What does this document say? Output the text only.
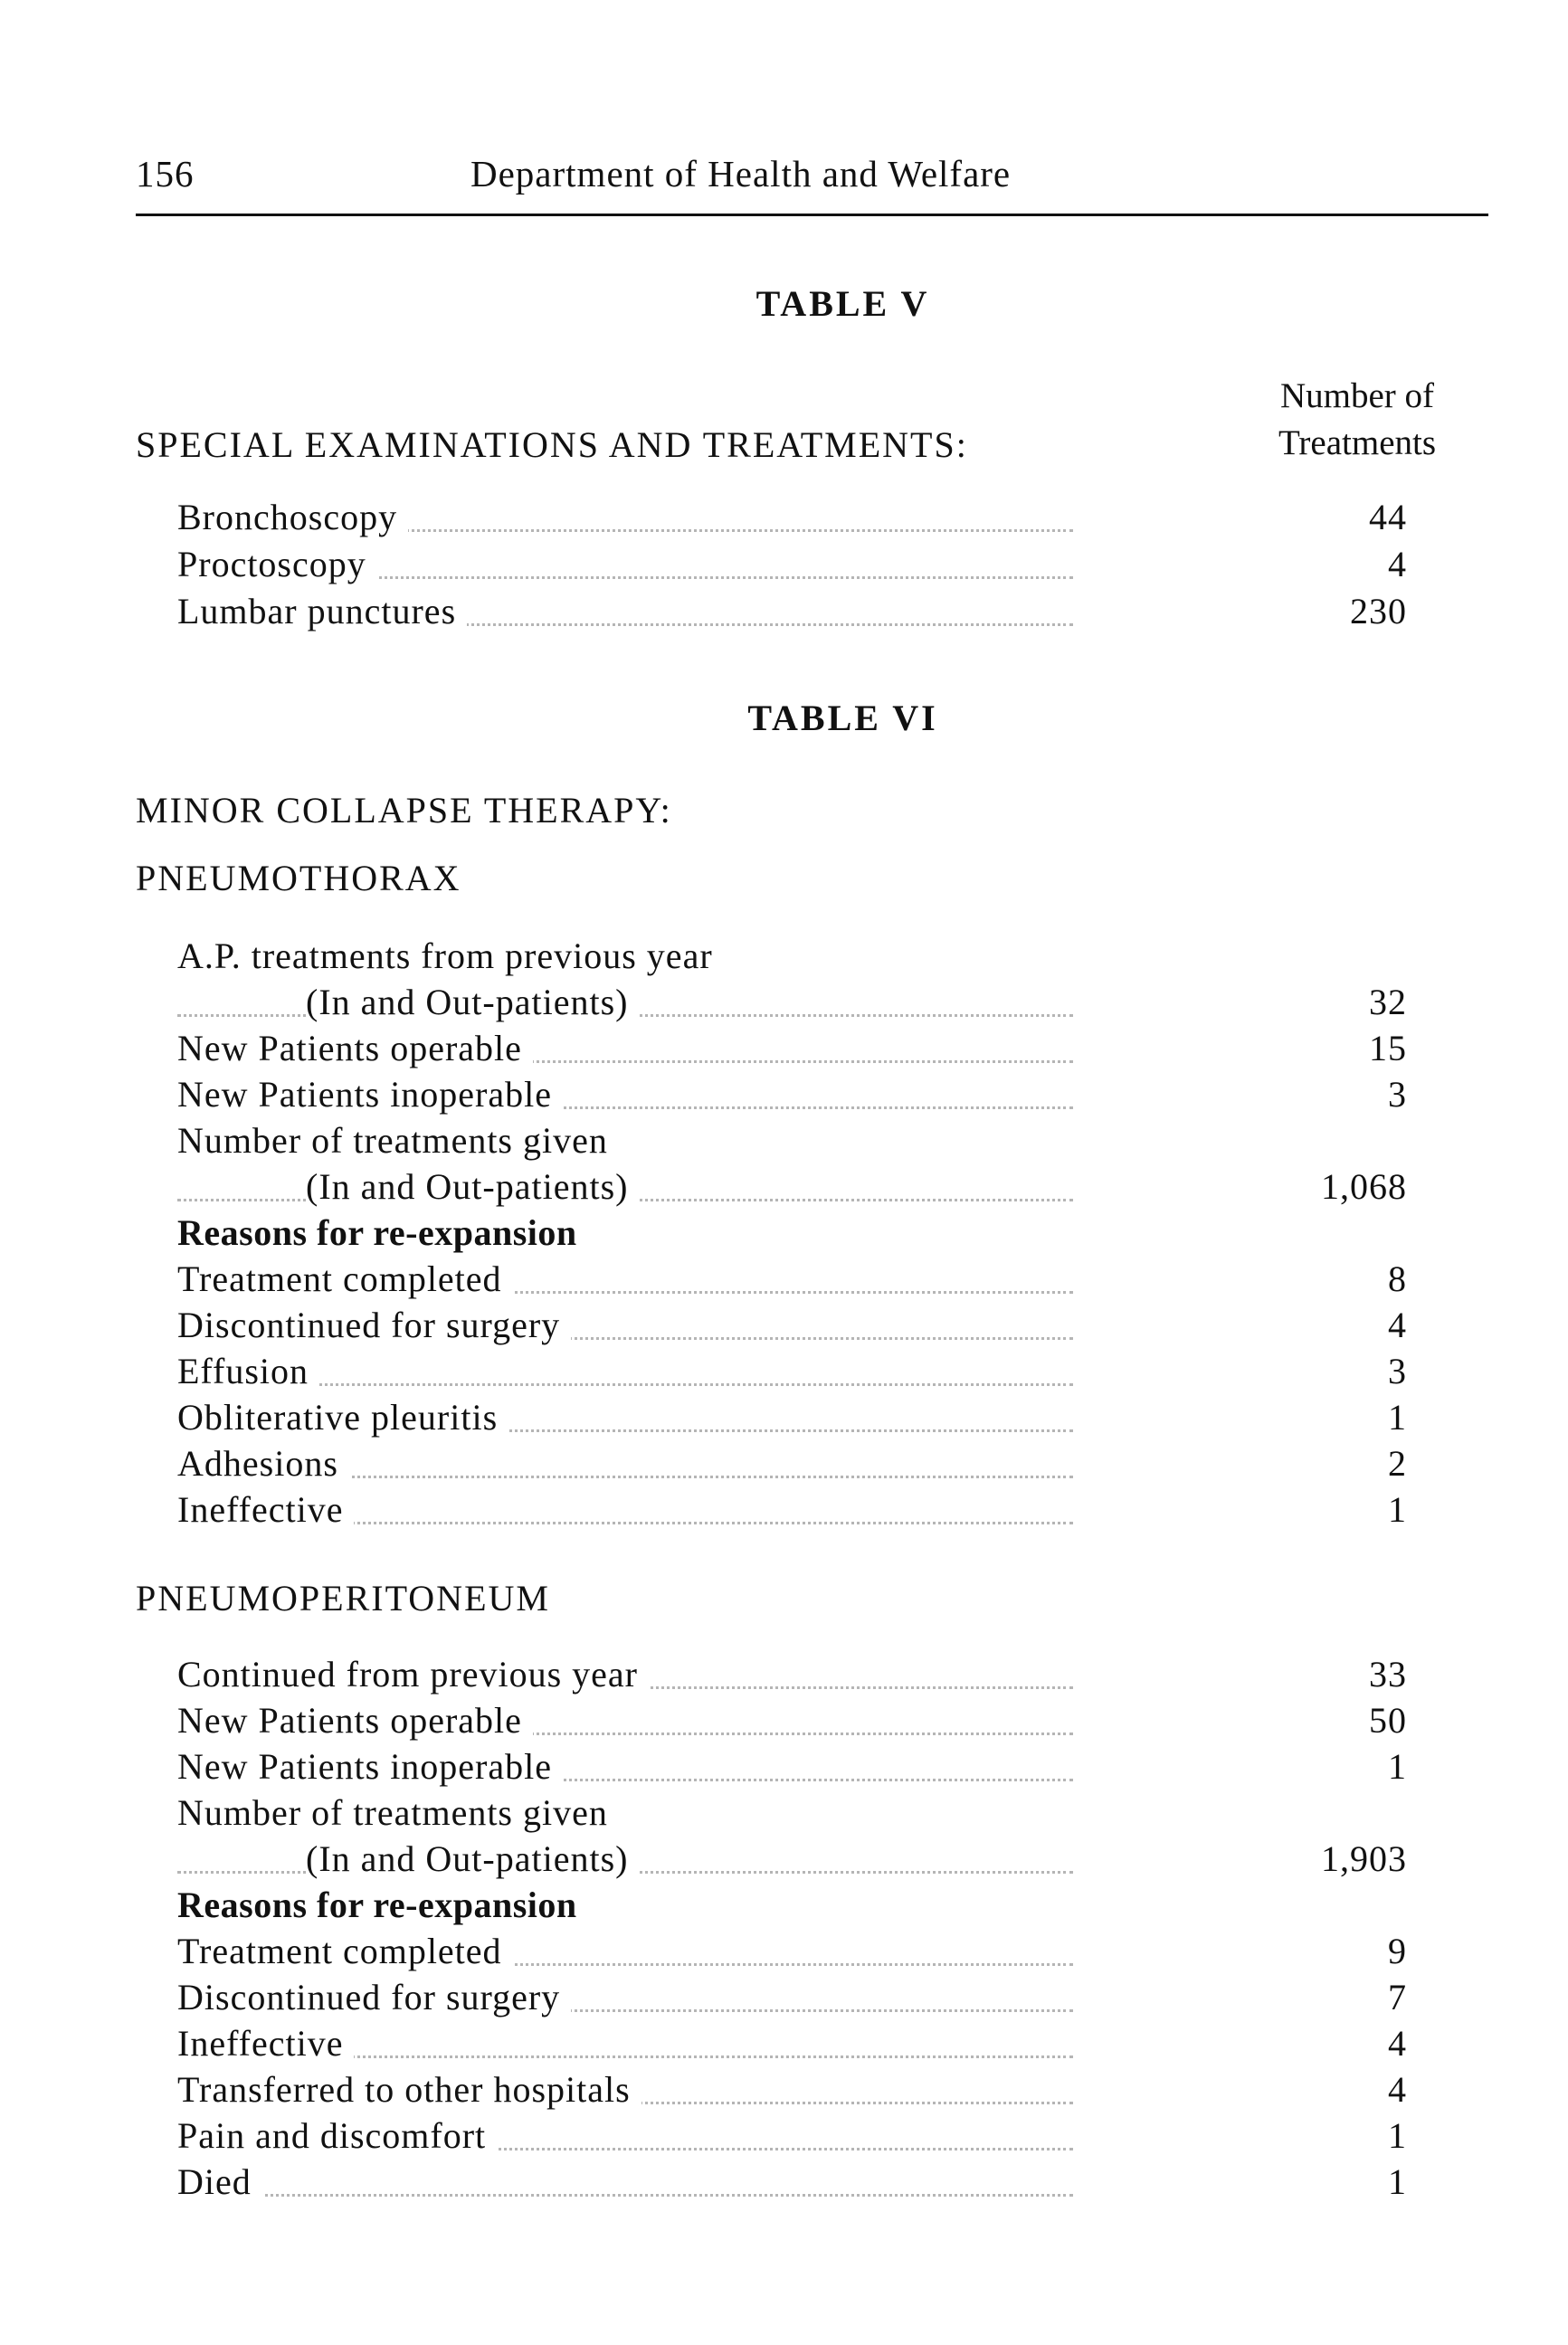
156	Department of Health and Welfare
TABLE V
Number of
Treatments
SPECIAL EXAMINATIONS AND TREATMENTS:
Bronchoscopy	44
Proctoscopy	4
Lumbar punctures	230
TABLE VI
MINOR COLLAPSE THERAPY:
PNEUMOTHORAX
A.P. treatments from previous year
(In and Out-patients)	32
New Patients operable	15
New Patients inoperable	3
Number of treatments given
(In and Out-patients)	1,068
Reasons for re-expansion
Treatment completed	8
Discontinued for surgery	4
Effusion	3
Obliterative pleuritis	1
Adhesions	2
Ineffective	1
PNEUMOPERITONEUM
Continued from previous year	33
New Patients operable	50
New Patients inoperable	1
Number of treatments given
(In and Out-patients)	1,903
Reasons for re-expansion
Treatment completed	9
Discontinued for surgery	7
Ineffective	4
Transferred to other hospitals	4
Pain and discomfort	1
Died	1
